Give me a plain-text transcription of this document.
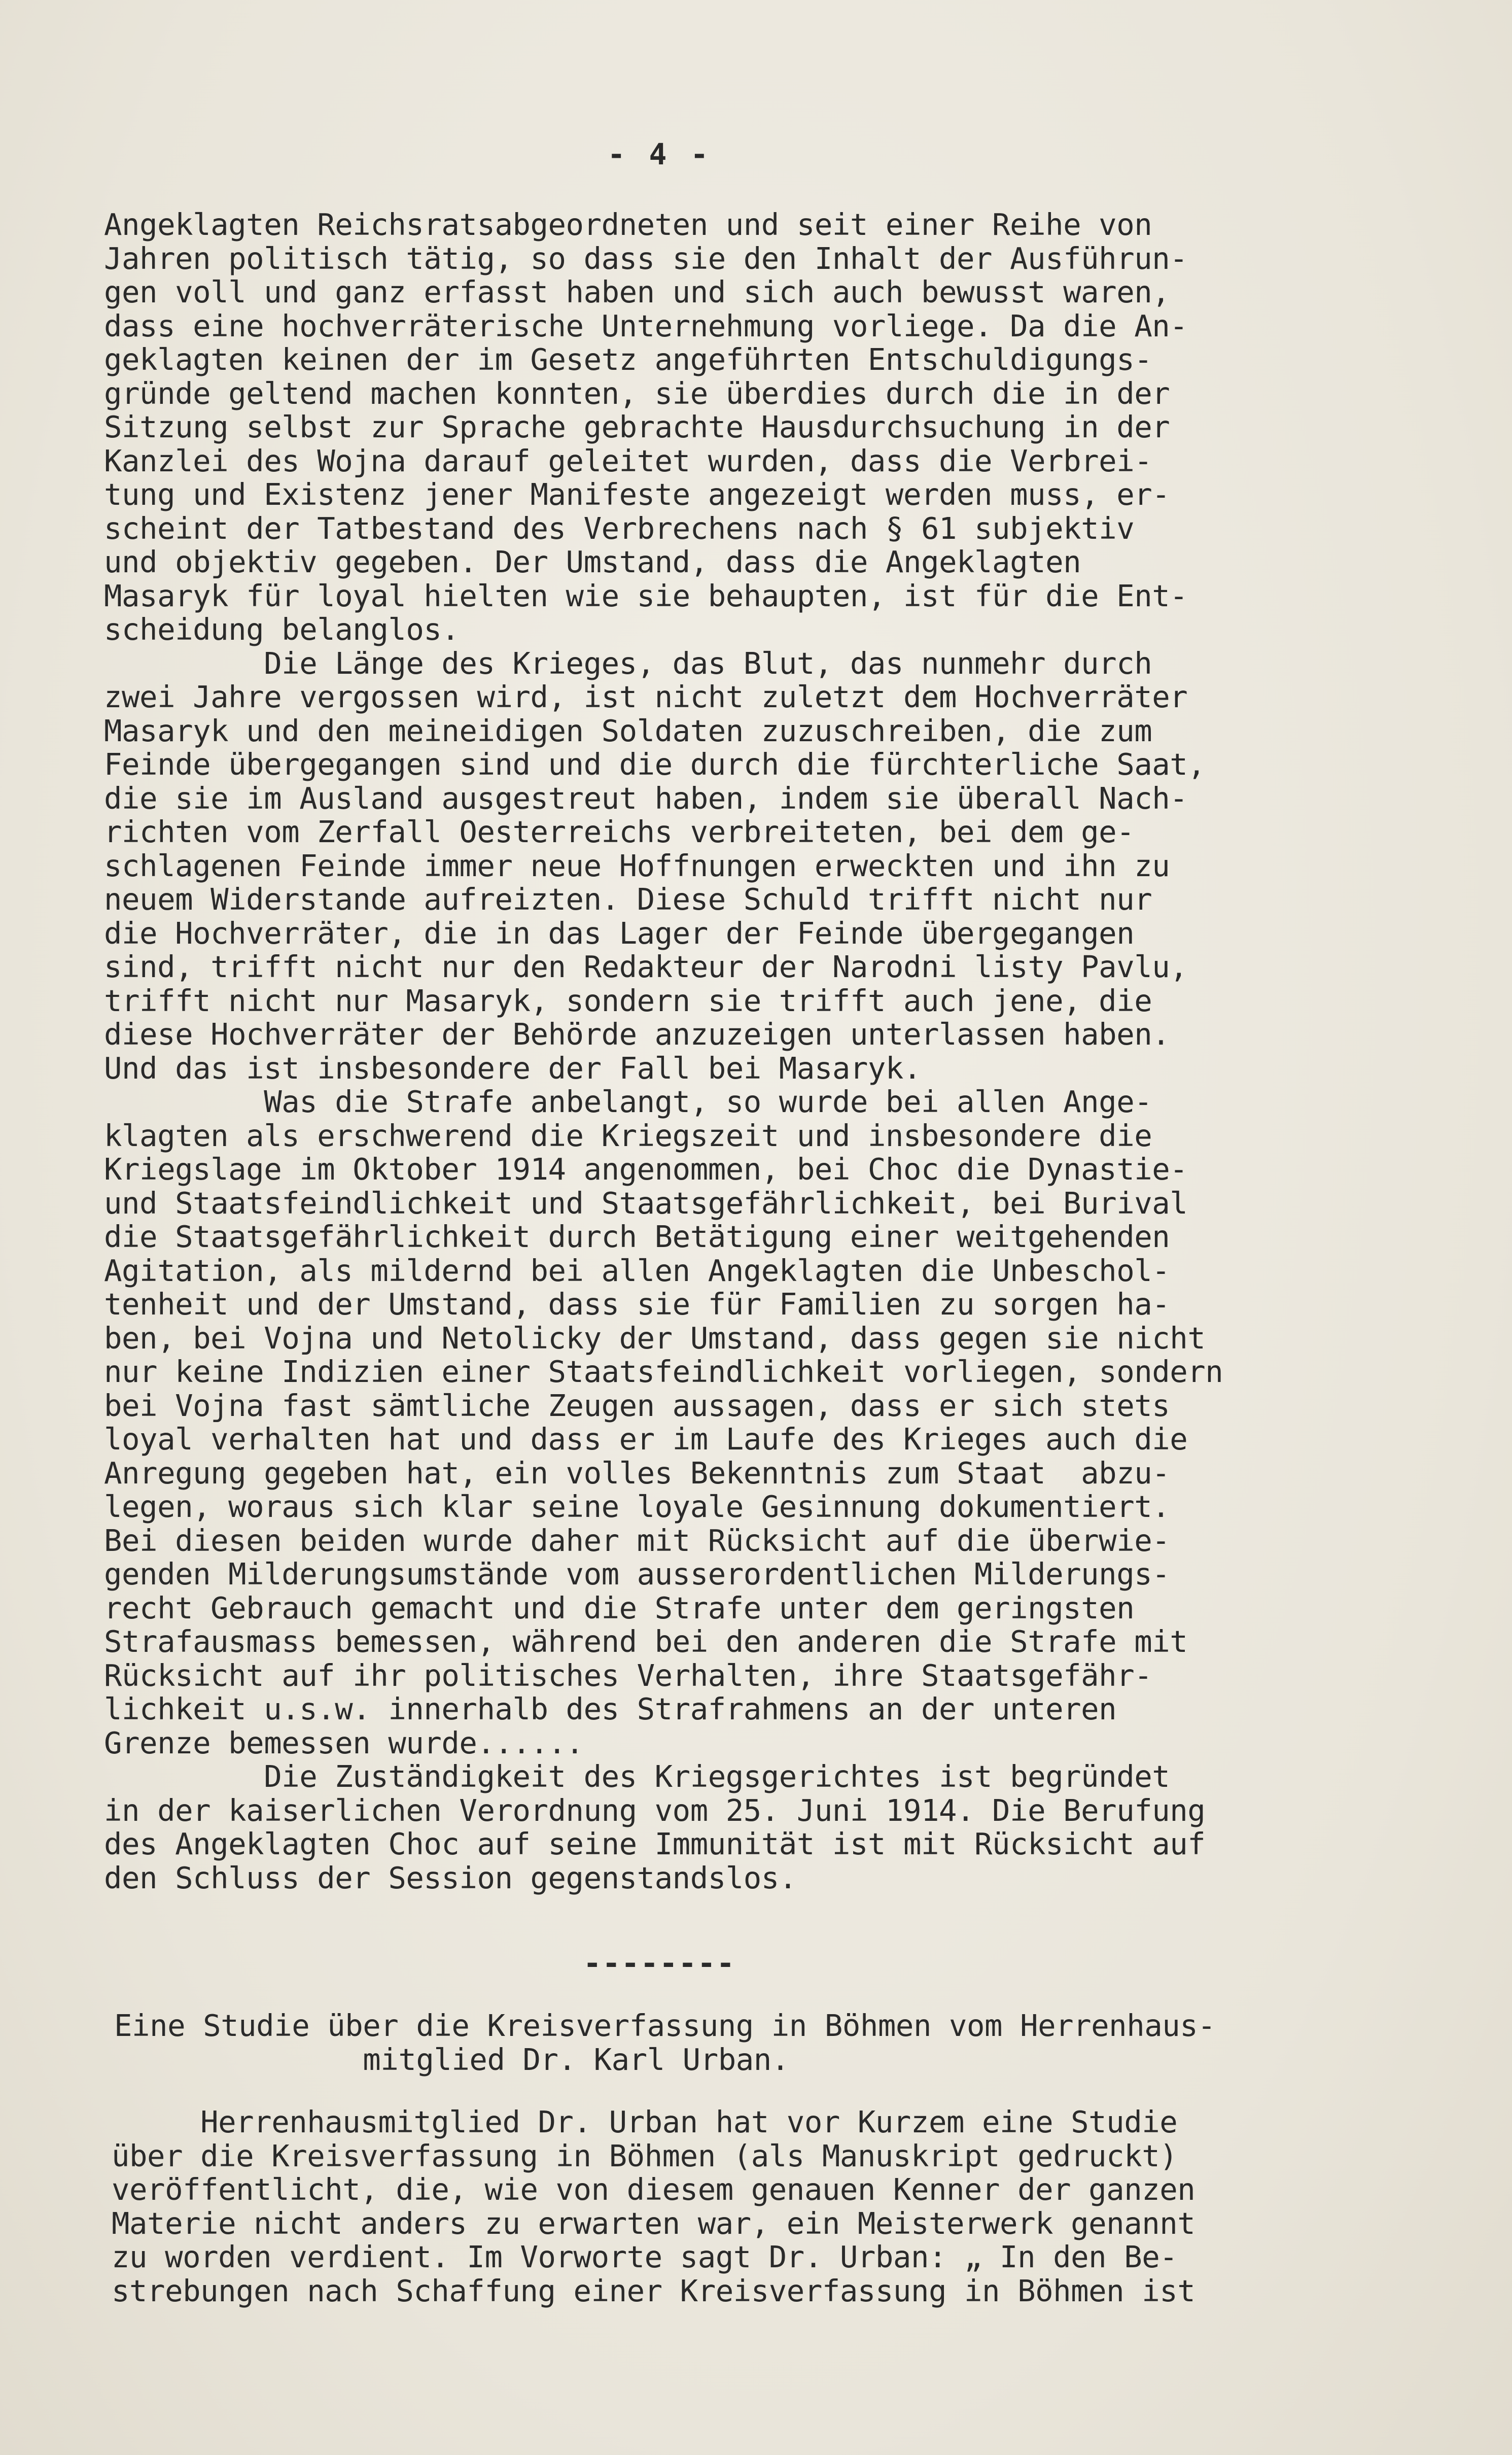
- 4 -
Angeklagten Reichsratsabgeordneten und seit einer Reihe von
Jahren politisch tätig, so dass sie den Inhalt der Ausführun-
gen voll und ganz erfasst haben und sich auch bewusst waren,
dass eine hochverräterische Unternehmung vorliege. Da die An-
geklagten keinen der im Gesetz angeführten Entschuldigungs-
gründe geltend machen konnten, sie überdies durch die in der
Sitzung selbst zur Sprache gebrachte Hausdurchsuchung in der
Kanzlei des Wojna darauf geleitet wurden, dass die Verbrei-
tung und Existenz jener Manifeste angezeigt werden muss, er-
scheint der Tatbestand des Verbrechens nach § 61 subjektiv
und objektiv gegeben. Der Umstand, dass die Angeklagten
Masaryk für loyal hielten wie sie behaupten, ist für die Ent-
scheidung belanglos.
Die Länge des Krieges, das Blut, das nunmehr durch
zwei Jahre vergossen wird, ist nicht zuletzt dem Hochverräter
Masaryk und den meineidigen Soldaten zuzuschreiben, die zum
Feinde übergegangen sind und die durch die fürchterliche Saat,
die sie im Ausland ausgestreut haben, indem sie überall Nach-
richten vom Zerfall Oesterreichs verbreiteten, bei dem ge-
schlagenen Feinde immer neue Hoffnungen erweckten und ihn zu
neuem Widerstande aufreizten. Diese Schuld trifft nicht nur
die Hochverräter, die in das Lager der Feinde übergegangen
sind, trifft nicht nur den Redakteur der Narodni listy Pavlu,
trifft nicht nur Masaryk, sondern sie trifft auch jene, die
diese Hochverräter der Behörde anzuzeigen unterlassen haben.
Und das ist insbesondere der Fall bei Masaryk.
Was die Strafe anbelangt, so wurde bei allen Ange-
klagten als erschwerend die Kriegszeit und insbesondere die
Kriegslage im Oktober 1914 angenommen, bei Choc die Dynastie-
und Staatsfeindlichkeit und Staatsgefährlichkeit, bei Burival
die Staatsgefährlichkeit durch Betätigung einer weitgehenden
Agitation, als mildernd bei allen Angeklagten die Unbeschol-
tenheit und der Umstand, dass sie für Familien zu sorgen ha-
ben, bei Vojna und Netolicky der Umstand, dass gegen sie nicht
nur keine Indizien einer Staatsfeindlichkeit vorliegen, sondern
bei Vojna fast sämtliche Zeugen aussagen, dass er sich stets
loyal verhalten hat und dass er im Laufe des Krieges auch die
Anregung gegeben hat, ein volles Bekenntnis zum Staat  abzu-
legen, woraus sich klar seine loyale Gesinnung dokumentiert.
Bei diesen beiden wurde daher mit Rücksicht auf die überwie-
genden Milderungsumstände vom ausserordentlichen Milderungs-
recht Gebrauch gemacht und die Strafe unter dem geringsten
Strafausmass bemessen, während bei den anderen die Strafe mit
Rücksicht auf ihr politisches Verhalten, ihre Staatsgefähr-
lichkeit u.s.w. innerhalb des Strafrahmens an der unteren
Grenze bemessen wurde......
Die Zuständigkeit des Kriegsgerichtes ist begründet
in der kaiserlichen Verordnung vom 25. Juni 1914. Die Berufung
des Angeklagten Choc auf seine Immunität ist mit Rücksicht auf
den Schluss der Session gegenstandslos.
--------
Eine Studie über die Kreisverfassung in Böhmen vom Herrenhaus-
mitglied Dr. Karl Urban.
Herrenhausmitglied Dr. Urban hat vor Kurzem eine Studie
über die Kreisverfassung in Böhmen (als Manuskript gedruckt)
veröffentlicht, die, wie von diesem genauen Kenner der ganzen
Materie nicht anders zu erwarten war, ein Meisterwerk genannt
zu worden verdient. Im Vorworte sagt Dr. Urban: „ In den Be-
strebungen nach Schaffung einer Kreisverfassung in Böhmen ist
